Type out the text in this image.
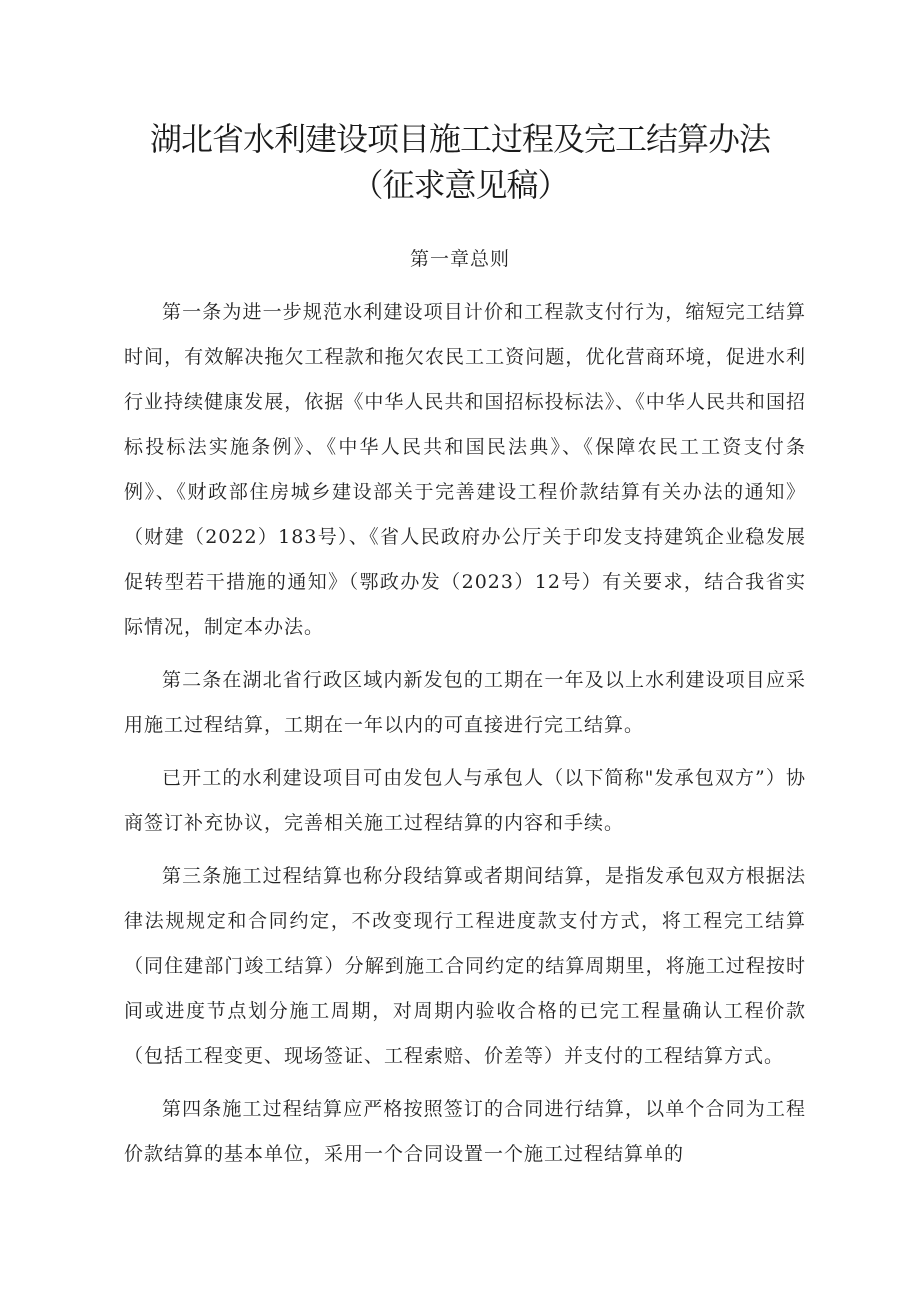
湖北省水利建设项目施工过程及完工结算办法
（征求意见稿）
第一章总则

第一条为进一步规范水利建设项目计价和工程款支付行为，缩短完工结算时间，有效解决拖欠工程款和拖欠农民工工资问题，优化营商环境，促进水利行业持续健康发展，依据《中华人民共和国招标投标法》、《中华人民共和国招标投标法实施条例》、《中华人民共和国民法典》、《保障农民工工资支付条例》、《财政部住房城乡建设部关于完善建设工程价款结算有关办法的通知》（财建（2022）183号）、《省人民政府办公厅关于印发支持建筑企业稳发展促转型若干措施的通知》（鄂政办发（2023）12号）有关要求，结合我省实际情况，制定本办法。

第二条在湖北省行政区域内新发包的工期在一年及以上水利建设项目应采用施工过程结算，工期在一年以内的可直接进行完工结算。

已开工的水利建设项目可由发包人与承包人（以下简称"发承包双方”）协商签订补充协议，完善相关施工过程结算的内容和手续。

第三条施工过程结算也称分段结算或者期间结算，是指发承包双方根据法律法规规定和合同约定，不改变现行工程进度款支付方式，将工程完工结算（同住建部门竣工结算）分解到施工合同约定的结算周期里，将施工过程按时间或进度节点划分施工周期，对周期内验收合格的已完工程量确认工程价款（包括工程变更、现场签证、工程索赔、价差等）并支付的工程结算方式。

第四条施工过程结算应严格按照签订的合同进行结算，以单个合同为工程价款结算的基本单位，采用一个合同设置一个施工过程结算单的
